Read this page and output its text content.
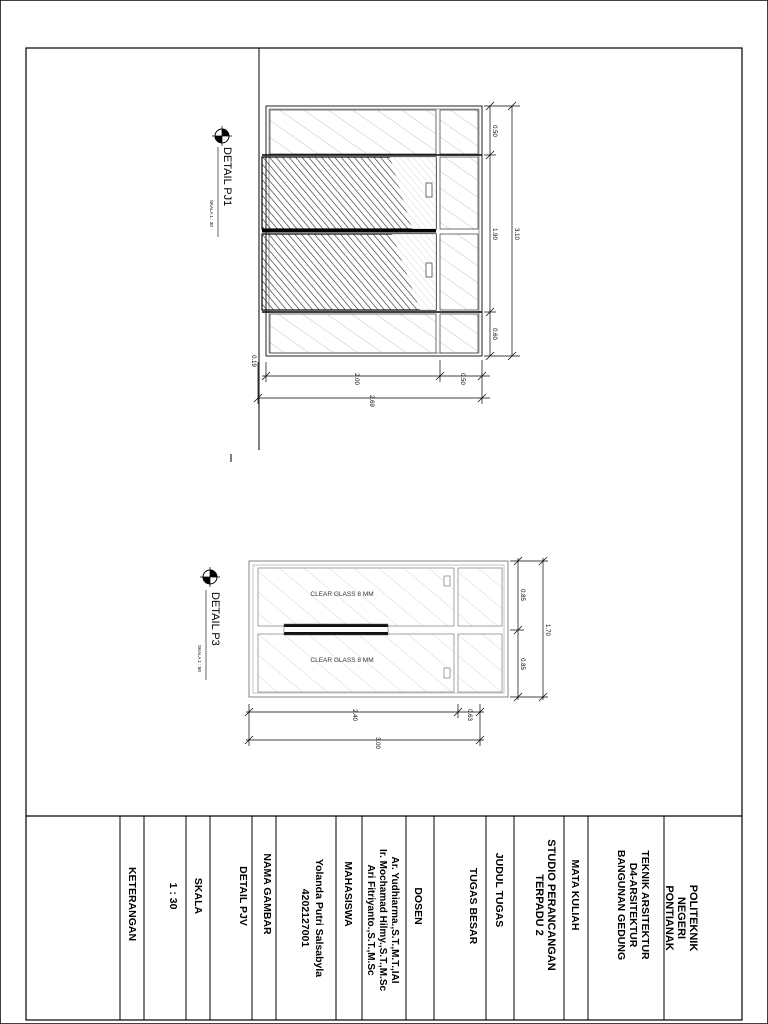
0.50
1.90
0.60
3.10
0.19
2.00	0.50
2.69
DETAIL PJ1
SKALA 1 : 30
CLEAR GLASS 8 MM
CLEAR GLASS 8 MM
0.85
0.85
1.70
2.40	0.63
3.00
DETAIL P3
SKALA 1 : 50
POLITEKNIK
NEGERI
PONTIANAK
TEKNIK ARSITEKTUR
D4-ARSITEKTUR
BANGUNAN GEDUNG
MATA KULIAH
STUDIO PERANCANGAN
TERPADU 2
JUDUL TUGAS
TUGAS BESAR
DOSEN
Ar. Yudhiarma.,S.T.,M.T.,IAI
Ir. Mochamad Hilmy.,S.T.,M.Sc
Ari Fitriyanto.,S.T.,M.Sc
MAHASISWA
Yolanda Putri Salsabyla
4202127001
NAMA GAMBAR
DETAIL PJV
SKALA
1 : 30
KETERANGAN
